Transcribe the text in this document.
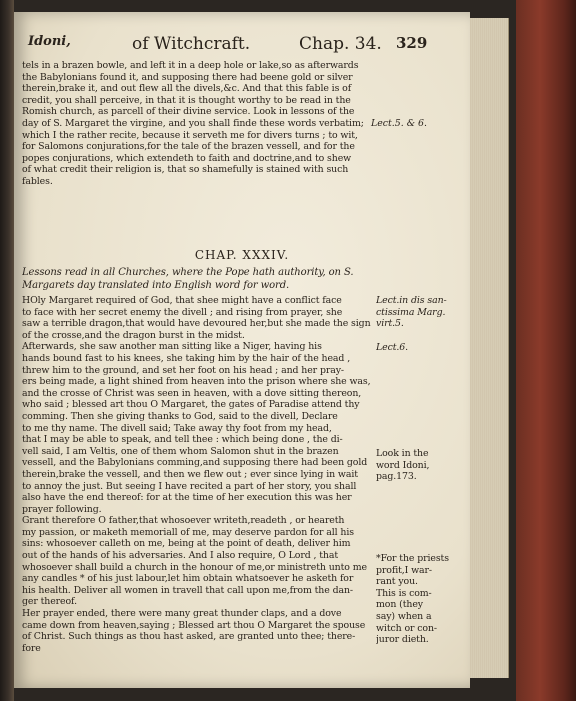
Idoni,	of Witchcraft.	Chap. 34. 329
tels in a brazen bowle, and left it in a deep hole or lake,so as afterwards
the Babylonians found it, and supposing there had beene gold or silver
therein,brake it, and out flew all the divels,&c. And that this fable is of
credit, you shall perceive, in that it is thought worthy to be read in the
Romish church, as parcell of their divine service. Look in lessons of the
day of S. Margaret the virgine, and you shall finde these words verbatim;
which I the rather recite, because it serveth me for divers turns ; to wit,
for Salomons conjurations,for the tale of the brazen vessell, and for the
popes conjurations, which extendeth to faith and doctrine,and to shew
of what credit their religion is, that so shamefully is stained with such
fables.
Lect.5. & 6.
CHAP. XXXIV.
Lessons read in all Churches, where the Pope hath authority, on S.
Margarets day translated into English word for word.
HOly Margaret required of God, that shee might have a conflict face
to face with her secret enemy the divell ; and rising from prayer, she
saw a terrible dragon,that would have devoured her,but she made the sign
of the crosse,and the dragon burst in the midst.
Afterwards, she saw another man sitting like a Niger, having his
hands bound fast to his knees, she taking him by the hair of the head ,
threw him to the ground, and set her foot on his head ; and her pray-
ers being made, a light shined from heaven into the prison where she was,
and the crosse of Christ was seen in heaven, with a dove sitting thereon,
who said ; blessed art thou O Margaret, the gates of Paradise attend thy
comming. Then she giving thanks to God, said to the divell, Declare
to me thy name. The divell said; Take away thy foot from my head,
that I may be able to speak, and tell thee : which being done , the di-
vell said, I am Veltis, one of them whom Salomon shut in the brazen
vessell, and the Babylonians comming,and supposing there had been gold
therein,brake the vessell, and then we flew out ; ever since lying in wait
to annoy the just. But seeing I have recited a part of her story, you shall
also have the end thereof: for at the time of her execution this was her
prayer following.
Grant therefore O father,that whosoever writeth,readeth , or heareth
my passion, or maketh memoriall of me, may deserve pardon for all his
sins: whosoever calleth on me, being at the point of death, deliver him
out of the hands of his adversaries. And I also require, O Lord , that
whosoever shall build a church in the honour of me,or ministreth unto me
any candles * of his just labour,let him obtain whatsoever he asketh for
his health. Deliver all women in travell that call upon me,from the dan-
ger thereof.
Her prayer ended, there were many great thunder claps, and a dove
came down from heaven,saying ; Blessed art thou O Margaret the spouse
of Christ. Such things as thou hast asked, are granted unto thee; there-
fore
Lect.in dis san-
ctissima Marg.
virt.5.
Lect.6.
Look in the
word Idoni,
pag.173.
*For the priests
profit,I war-
rant you.
This is com-
mon (they
say) when a
witch or con-
juror dieth.
